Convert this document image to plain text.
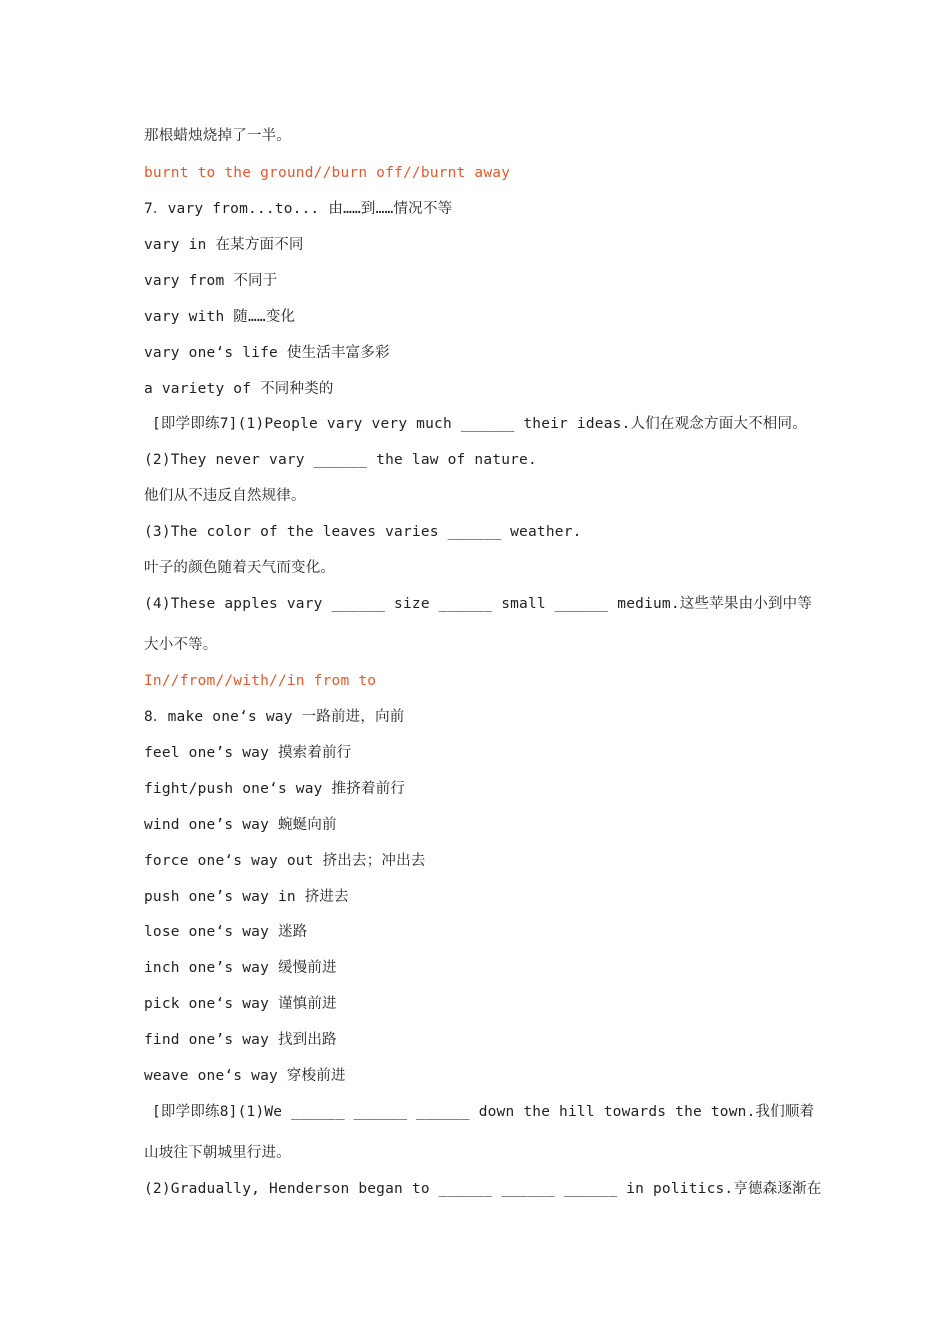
那根蜡烛烧掉了一半。
burnt to the ground//burn off//burnt away
7．vary from...to... 由……到……情况不等
vary in 在某方面不同
vary from 不同于
vary with 随……变化
vary one‘s life 使生活丰富多彩
a variety of 不同种类的
[即学即练7](1)People vary very much ______ their ideas.人们在观念方面大不相同。
(2)They never vary ______ the law of nature.
他们从不违反自然规律。
(3)The color of the leaves varies ______ weather.
叶子的颜色随着天气而变化。
(4)These apples vary ______ size ______ small ______ medium.这些苹果由小到中等
大小不等。
In//from//with//in from to
8．make one‘s way 一路前进，向前
feel one’s way 摸索着前行
fight/push one‘s way 推挤着前行
wind one’s way 蜿蜒向前
force one‘s way out 挤出去；冲出去
push one’s way in 挤进去
lose one‘s way 迷路
inch one’s way 缓慢前进
pick one‘s way 谨慎前进
find one’s way 找到出路
weave one‘s way 穿梭前进
[即学即练8](1)We ______ ______ ______ down the hill towards the town.我们顺着
山坡往下朝城里行进。
(2)Gradually, Henderson began to ______ ______ ______ in politics.亨德森逐渐在
